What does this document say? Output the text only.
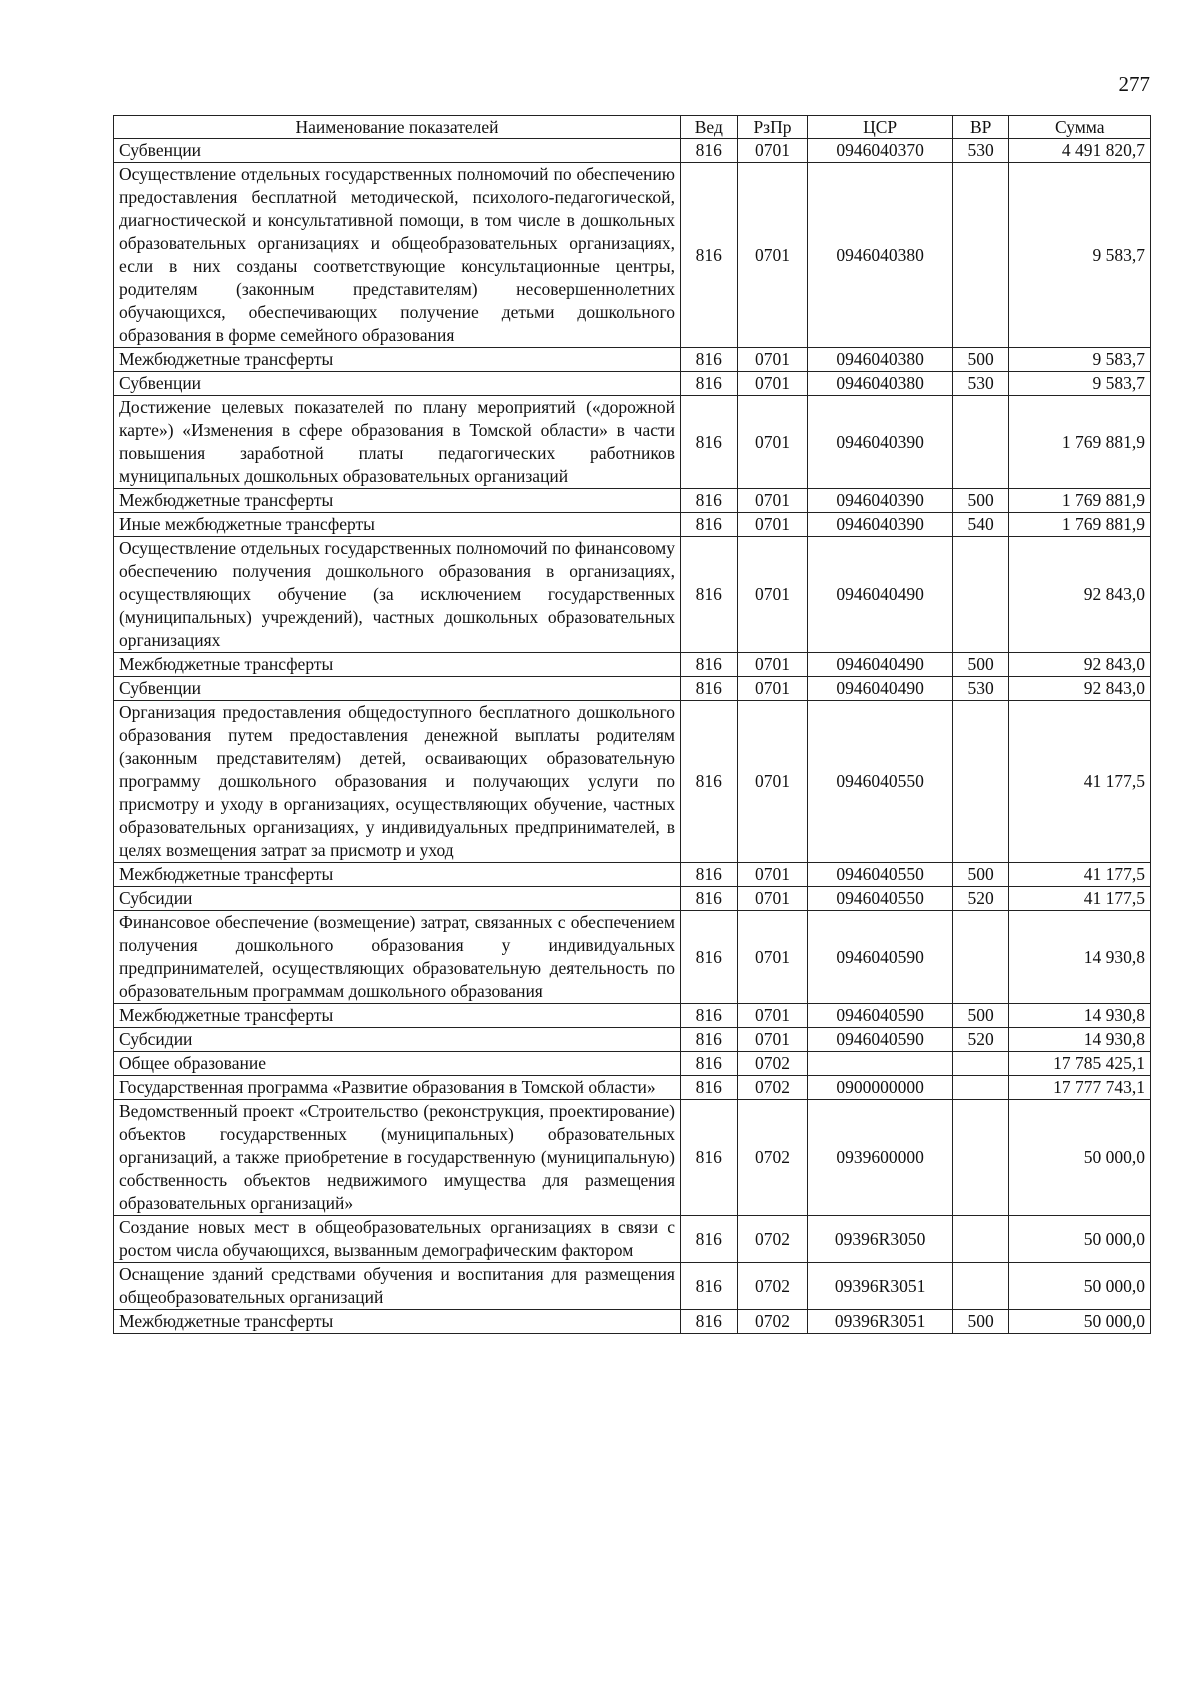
277
Наименование показателей	Вед	РзПр	ЦСР	ВР	Сумма
Субвенции	816	0701	0946040370	530	4 491 820,7
Осуществление отдельных государственных полномочий по обеспечению предоставления бесплатной методической, психолого-педагогической, диагностической и консультативной помощи, в том числе в дошкольных образовательных организациях и общеобразовательных организациях, если в них созданы соответствующие консультационные центры, родителям (законным представителям) несовершеннолетних обучающихся, обеспечивающих получение детьми дошкольного образования в форме семейного образования	816	0701	0946040380		9 583,7
Межбюджетные трансферты	816	0701	0946040380	500	9 583,7
Субвенции	816	0701	0946040380	530	9 583,7
Достижение целевых показателей по плану мероприятий («дорожной карте») «Изменения в сфере образования в Томской области» в части повышения заработной платы педагогических работников муниципальных дошкольных образовательных организаций	816	0701	0946040390		1 769 881,9
Межбюджетные трансферты	816	0701	0946040390	500	1 769 881,9
Иные межбюджетные трансферты	816	0701	0946040390	540	1 769 881,9
Осуществление отдельных государственных полномочий по финансовому обеспечению получения дошкольного образования в организациях, осуществляющих обучение (за исключением государственных (муниципальных) учреждений), частных дошкольных образовательных организациях	816	0701	0946040490		92 843,0
Межбюджетные трансферты	816	0701	0946040490	500	92 843,0
Субвенции	816	0701	0946040490	530	92 843,0
Организация предоставления общедоступного бесплатного дошкольного образования путем предоставления денежной выплаты родителям (законным представителям) детей, осваивающих образовательную программу дошкольного образования и получающих услуги по присмотру и уходу в организациях, осуществляющих обучение, частных образовательных организациях, у индивидуальных предпринимателей, в целях возмещения затрат за присмотр и уход	816	0701	0946040550		41 177,5
Межбюджетные трансферты	816	0701	0946040550	500	41 177,5
Субсидии	816	0701	0946040550	520	41 177,5
Финансовое обеспечение (возмещение) затрат, связанных с обеспечением получения дошкольного образования у индивидуальных предпринимателей, осуществляющих образовательную деятельность по образовательным программам дошкольного образования	816	0701	0946040590		14 930,8
Межбюджетные трансферты	816	0701	0946040590	500	14 930,8
Субсидии	816	0701	0946040590	520	14 930,8
Общее образование	816	0702			17 785 425,1
Государственная программа «Развитие образования в Томской области»	816	0702	0900000000		17 777 743,1
Ведомственный проект «Строительство (реконструкция, проектирование) объектов государственных (муниципальных) образовательных организаций, а также приобретение в государственную (муниципальную) собственность объектов недвижимого имущества для размещения образовательных организаций»	816	0702	0939600000		50 000,0
Создание новых мест в общеобразовательных организациях в связи с ростом числа обучающихся, вызванным демографическим фактором	816	0702	09396R3050		50 000,0
Оснащение зданий средствами обучения и воспитания для размещения общеобразовательных организаций	816	0702	09396R3051		50 000,0
Межбюджетные трансферты	816	0702	09396R3051	500	50 000,0
